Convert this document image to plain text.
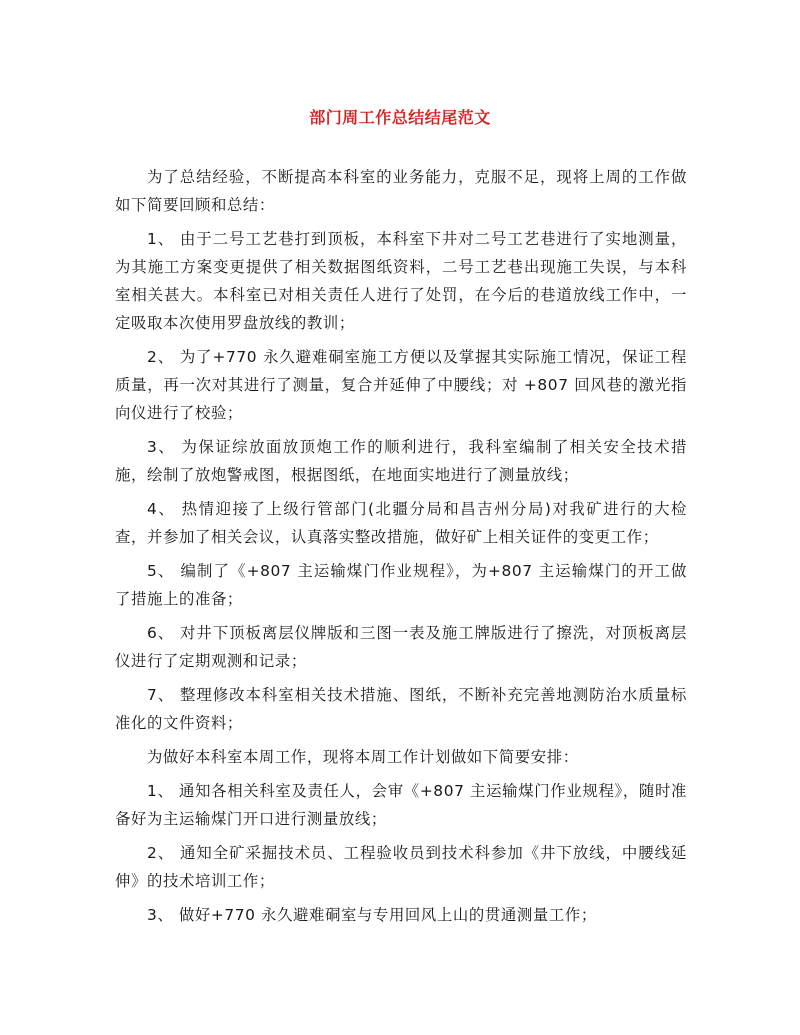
部门周工作总结结尾范文

为了总结经验，不断提高本科室的业务能力，克服不足，现将上周的工作做如下简要回顾和总结：

1、 由于二号工艺巷打到顶板，本科室下井对二号工艺巷进行了实地测量，为其施工方案变更提供了相关数据图纸资料，二号工艺巷出现施工失误，与本科室相关甚大。本科室已对相关责任人进行了处罚，在今后的巷道放线工作中，一定吸取本次使用罗盘放线的教训；

2、 为了+770 永久避难硐室施工方便以及掌握其实际施工情况，保证工程质量，再一次对其进行了测量，复合并延伸了中腰线；对 +807 回风巷的激光指向仪进行了校验；

3、 为保证综放面放顶炮工作的顺利进行，我科室编制了相关安全技术措施，绘制了放炮警戒图，根据图纸，在地面实地进行了测量放线；

4、 热情迎接了上级行管部门(北疆分局和昌吉州分局)对我矿进行的大检查，并参加了相关会议，认真落实整改措施，做好矿上相关证件的变更工作；

5、 编制了《+807 主运输煤门作业规程》，为+807 主运输煤门的开工做了措施上的准备；

6、 对井下顶板离层仪牌版和三图一表及施工牌版进行了擦洗，对顶板离层仪进行了定期观测和记录；

7、 整理修改本科室相关技术措施、图纸，不断补充完善地测防治水质量标准化的文件资料；

为做好本科室本周工作，现将本周工作计划做如下简要安排：

1、 通知各相关科室及责任人，会审《+807 主运输煤门作业规程》，随时准备好为主运输煤门开口进行测量放线；

2、 通知全矿采掘技术员、工程验收员到技术科参加《井下放线，中腰线延伸》的技术培训工作；

3、 做好+770 永久避难硐室与专用回风上山的贯通测量工作；
